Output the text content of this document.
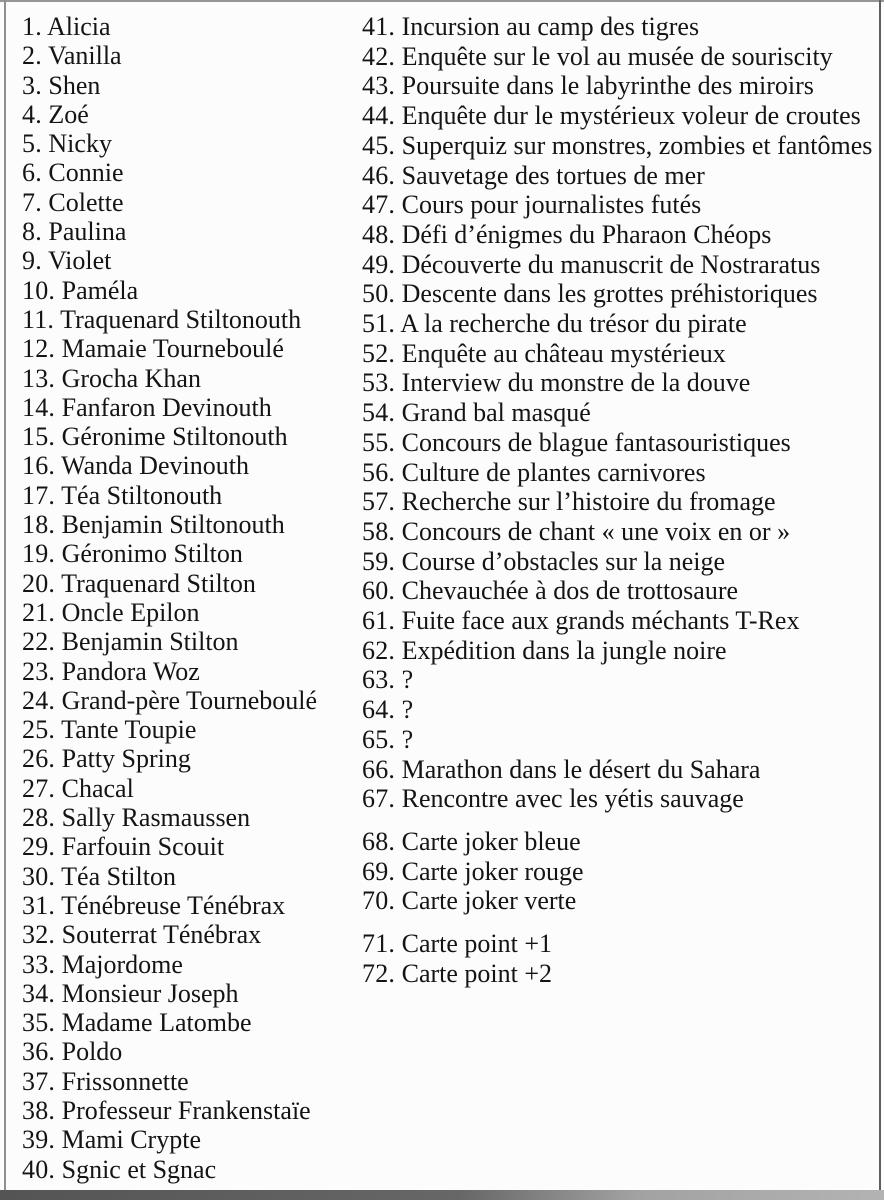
1. Alicia
2. Vanilla
3. Shen
4. Zoé
5. Nicky
6. Connie
7. Colette
8. Paulina
9. Violet
10. Paméla
11. Traquenard Stiltonouth
12. Mamaie Tourneboulé
13. Grocha Khan
14. Fanfaron Devinouth
15. Géronime Stiltonouth
16. Wanda Devinouth
17. Téa Stiltonouth
18. Benjamin Stiltonouth
19. Géronimo Stilton
20. Traquenard Stilton
21. Oncle Epilon
22. Benjamin Stilton
23. Pandora Woz
24. Grand-père Tourneboulé
25. Tante Toupie
26. Patty Spring
27. Chacal
28. Sally Rasmaussen
29. Farfouin Scouit
30. Téa Stilton
31. Ténébreuse Ténébrax
32. Souterrat Ténébrax
33. Majordome
34. Monsieur Joseph
35. Madame Latombe
36. Poldo
37. Frissonnette
38. Professeur Frankenstaïe
39. Mami Crypte
40. Sgnic et Sgnac
41. Incursion au camp des tigres
42. Enquête sur le vol au musée de souriscity
43. Poursuite dans le labyrinthe des miroirs
44. Enquête dur le mystérieux voleur de croutes
45. Superquiz sur monstres, zombies et fantômes
46. Sauvetage des tortues de mer
47. Cours pour journalistes futés
48. Défi d’énigmes du Pharaon Chéops
49. Découverte du manuscrit de Nostraratus
50. Descente dans les grottes préhistoriques
51. A la recherche du trésor du pirate
52. Enquête au château mystérieux
53. Interview du monstre de la douve
54. Grand bal masqué
55. Concours de blague fantasouristiques
56. Culture de plantes carnivores
57. Recherche sur l’histoire du fromage
58. Concours de chant « une voix en or »
59. Course d’obstacles sur la neige
60. Chevauchée à dos de trottosaure
61. Fuite face aux grands méchants T-Rex
62. Expédition dans la jungle noire
63. ?
64. ?
65. ?
66. Marathon dans le désert du Sahara
67. Rencontre avec les yétis sauvage
68. Carte joker bleue
69. Carte joker rouge
70. Carte joker verte
71. Carte point +1
72. Carte point +2
